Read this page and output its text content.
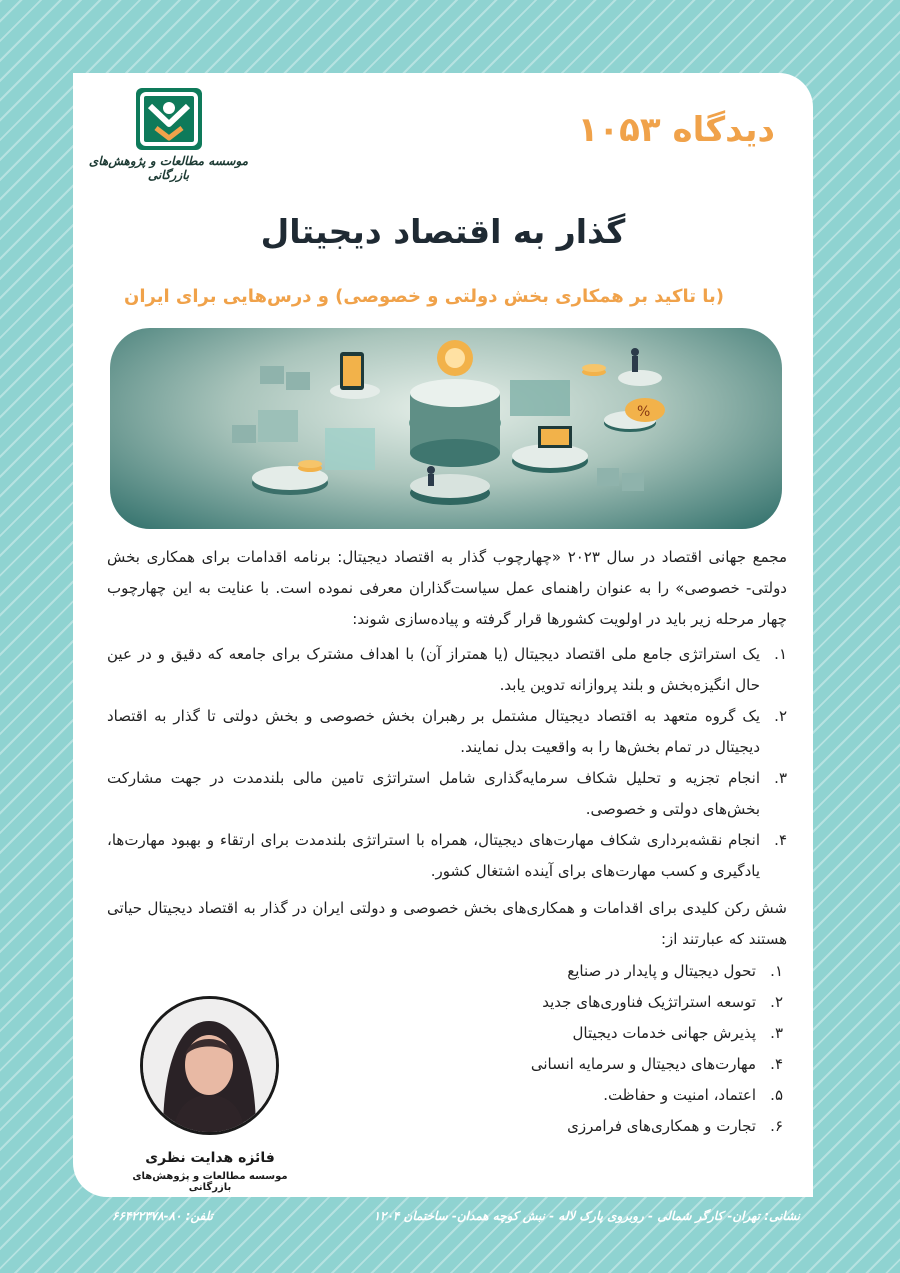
موسسه مطالعات و پژوهش‌های بازرگانی
دیدگاه ۱۰۵۳
گذار به اقتصاد دیجیتال
(با تاکید بر همکاری بخش دولتی و خصوصی) و درس‌هایی برای ایران
%
مجمع جهانی اقتصاد در سال ۲۰۲۳ «چهارچوب گذار به اقتصاد دیجیتال: برنامه اقدامات برای همکاری بخش دولتی- خصوصی» را به عنوان راهنمای عمل سیاست‌گذاران معرفی نموده است. با عنایت به این چهارچوب چهار مرحله زیر باید در اولویت کشورها قرار گرفته و پیاده‌سازی شوند:
۱.
یک استراتژی جامع ملی اقتصاد دیجیتال (یا همتراز آن) با اهداف مشترک برای جامعه که دقیق و در عین حال انگیزه‌بخش و بلند پروازانه تدوین یابد.
۲.
یک گروه متعهد به اقتصاد دیجیتال مشتمل بر رهبران بخش خصوصی و بخش دولتی تا گذار به اقتصاد دیجیتال در تمام بخش‌ها را به واقعیت بدل نمایند.
۳.
انجام تجزیه و تحلیل شکاف سرمایه‌گذاری شامل استراتژی تامین مالی بلندمدت در جهت مشارکت بخش‌های دولتی و خصوصی.
۴.
انجام نقشه‌برداری شکاف مهارت‌های دیجیتال، همراه با استراتژی بلندمدت برای ارتقاء و بهبود مهارت‌ها، یادگیری و کسب مهارت‌های برای آینده اشتغال کشور.
شش رکن کلیدی برای اقدامات و همکاری‌های بخش خصوصی و دولتی ایران در گذار به اقتصاد دیجیتال حیاتی هستند که عبارتند از:
۱.
تحول دیجیتال و پایدار در صنایع
۲.
توسعه استراتژیک فناوری‌های جدید
۳.
پذیرش جهانی خدمات دیجیتال
۴.
مهارت‌های دیجیتال و سرمایه انسانی
۵.
اعتماد، امنیت و حفاظت.
۶.
تجارت و همکاری‌های فرامرزی
فائزه هدایت نظری
موسسه مطالعات و پژوهش‌های بازرگانی
نشانی: تهران- کارگر شمالی - روبروی پارک لاله - نبش کوچه همدان- ساختمان ۱۲۰۴
تلفن: ۸۰-۶۶۴۲۲۳۷۸
